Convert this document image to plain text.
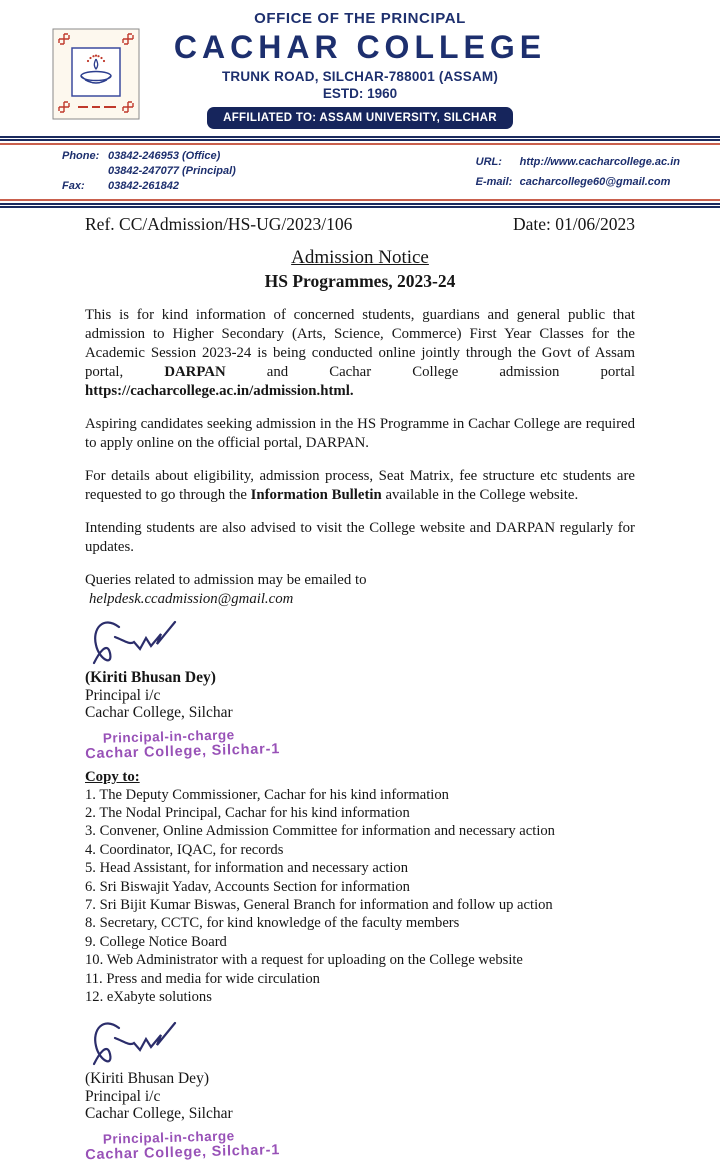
OFFICE OF THE PRINCIPAL
CACHAR COLLEGE
TRUNK ROAD, SILCHAR-788001 (ASSAM)
ESTD: 1960
AFFILIATED TO: ASSAM UNIVERSITY, SILCHAR
Phone:	03842-246953 (Office)
	03842-247077 (Principal)
Fax:	03842-261842
URL:	http://www.cacharcollege.ac.in
E-mail:	cacharcollege60@gmail.com
Ref. CC/Admission/HS-UG/2023/106	Date: 01/06/2023
Admission Notice
HS Programmes, 2023-24
This is for kind information of concerned students, guardians and general public that admission to Higher Secondary (Arts, Science, Commerce) First Year Classes for the Academic Session 2023-24 is being conducted online jointly through the Govt of Assam portal, DARPAN and Cachar College admission portal https://cacharcollege.ac.in/admission.html.
Aspiring candidates seeking admission in the HS Programme in Cachar College are required to apply online on the official portal, DARPAN.
For details about eligibility, admission process, Seat Matrix, fee structure etc students are requested to go through the Information Bulletin available in the College website.
Intending students are also advised to visit the College website and DARPAN regularly for updates.
Queries related to admission may be emailed to
helpdesk.ccadmission@gmail.com
(Kiriti Bhusan Dey)
Principal i/c
Cachar College, Silchar
Principal-in-charge
Cachar College, Silchar-1
Copy to:
1. The Deputy Commissioner, Cachar for his kind information
2. The Nodal Principal, Cachar for his kind information
3. Convener, Online Admission Committee for information and necessary action
4. Coordinator, IQAC, for records
5. Head Assistant, for information and necessary action
6. Sri Biswajit Yadav, Accounts Section for information
7. Sri Bijit Kumar Biswas, General Branch for information and follow up action
8. Secretary, CCTC, for kind knowledge of the faculty members
9. College Notice Board
10. Web Administrator with a request for uploading on the College website
11. Press and media for wide circulation
12. eXabyte solutions
(Kiriti Bhusan Dey)
Principal i/c
Cachar College, Silchar
Principal-in-charge
Cachar College, Silchar-1
